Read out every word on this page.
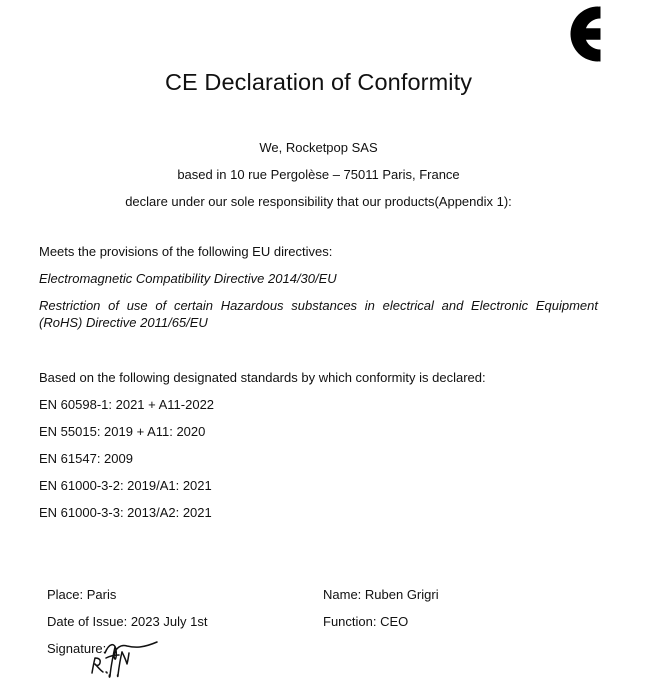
CE Declaration of Conformity
We, Rocketpop SAS
based in 10 rue Pergolèse – 75011 Paris, France
declare under our sole responsibility that our products(Appendix 1):
Meets the provisions of the following EU directives:
Electromagnetic Compatibility Directive 2014/30/EU
Restriction of use of certain Hazardous substances in electrical and Electronic Equipment
(RoHS) Directive 2011/65/EU
Based on the following designated standards by which conformity is declared:
EN 60598-1: 2021 + A11-2022
EN 55015: 2019 + A11: 2020
EN 61547: 2009
EN 61000-3-2: 2019/A1: 2021
EN 61000-3-3: 2013/A2: 2021
Place: Paris	Name: Ruben Grigri
Date of Issue: 2023 July 1st	Function: CEO
Signature:
